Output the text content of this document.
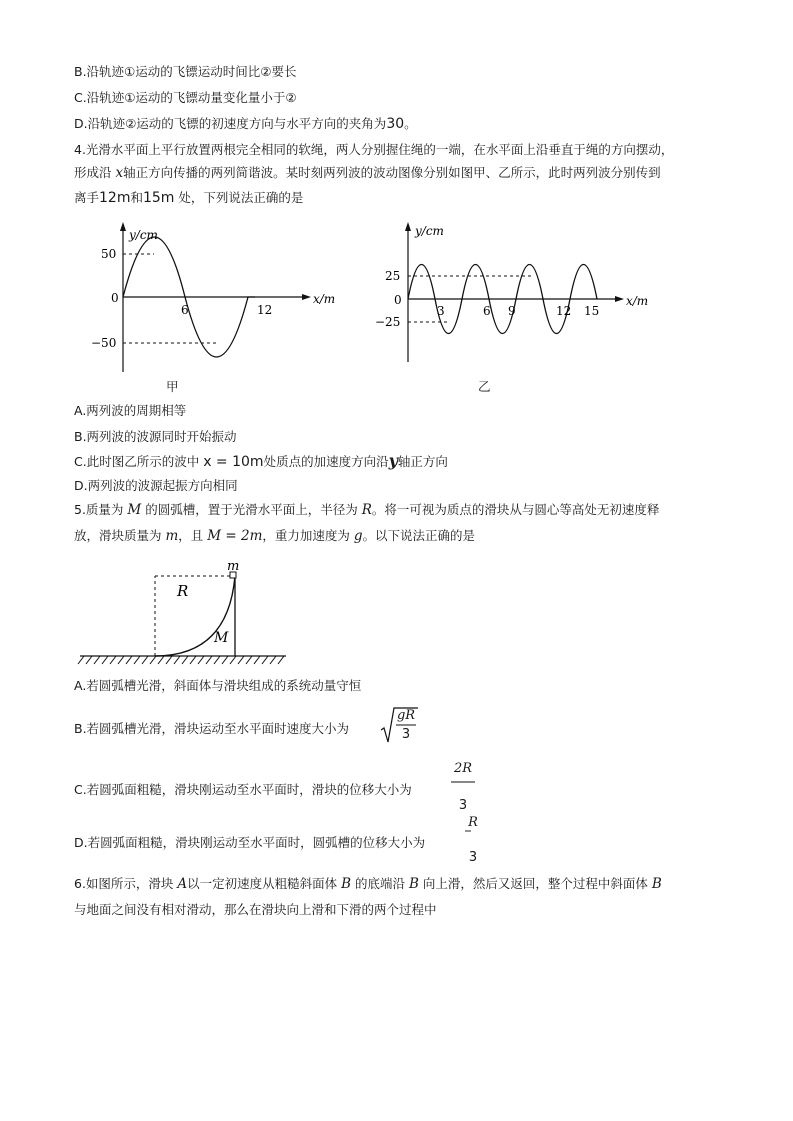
B.沿轨迹①运动的飞镖运动时间比②要长
C.沿轨迹①运动的飞镖动量变化量小于②
D.沿轨迹②运动的飞镖的初速度方向与水平方向的夹角为30。
4.光滑水平面上平行放置两根完全相同的软绳，两人分别握住绳的一端，在水平面上沿垂直于绳的方向摆动，
形成沿 x轴正方向传播的两列简谐波。某时刻两列波的波动图像分别如图甲、乙所示，此时两列波分别传到
离手12m和15m 处，下列说法正确的是
y/cm
x/m
50
0
−50
6	12
甲
y/cm
x/m
25
0
−25
3	6 9	12 15
乙
A.两列波的周期相等
B.两列波的波源同时开始振动
C.此时图乙所示的波中 x = 10m处质点的加速度方向沿y轴正方向
D.两列波的波源起振方向相同
5.质量为 M 的圆弧槽，置于光滑水平面上，半径为 R。将一可视为质点的滑块从与圆心等高处无初速度释
放，滑块质量为 m，且 M = 2m，重力加速度为 g。以下说法正确的是
m
R
M
A.若圆弧槽光滑，斜面体与滑块组成的系统动量守恒
B.若圆弧槽光滑，滑块运动至水平面时速度大小为
gR
3
C.若圆弧面粗糙，滑块刚运动至水平面时，滑块的位移大小为
2R
3
D.若圆弧面粗糙，滑块刚运动至水平面时，圆弧槽的位移大小为
R
3
6.如图所示，滑块 A以一定初速度从粗糙斜面体 B 的底端沿 B 向上滑，然后又返回，整个过程中斜面体 B
与地面之间没有相对滑动，那么在滑块向上滑和下滑的两个过程中
